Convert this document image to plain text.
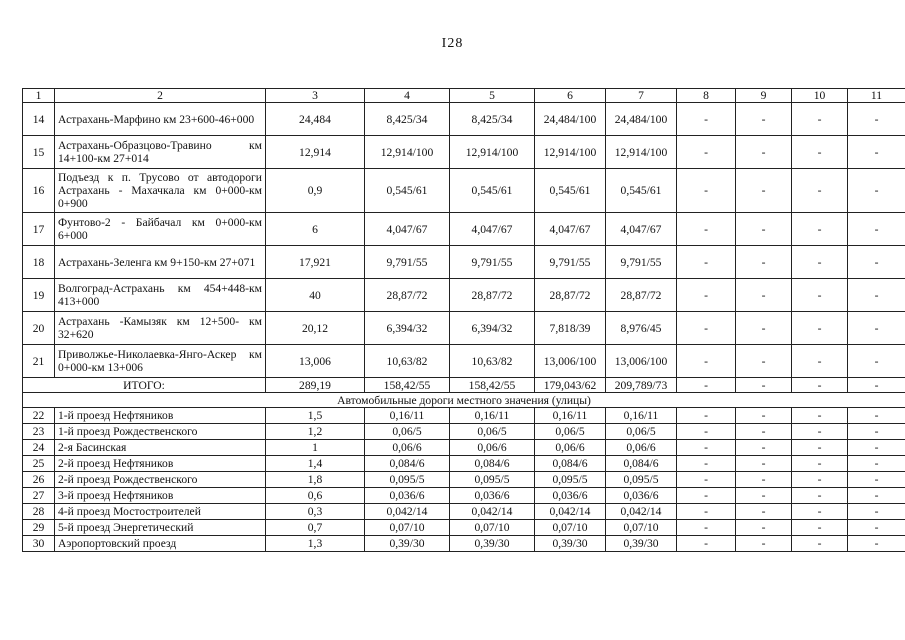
I28
1	2	3	4	5	6	7	8	9	10	11
14	Астрахань-Марфино км 23+600-46+000	24,484	8,425/34	8,425/34	24,484/100	24,484/100	-	-	-	-
15	Астрахань-Образцово-Травино км 14+100-км 27+014	12,914	12,914/100	12,914/100	12,914/100	12,914/100	-	-	-	-
16	Подъезд к п. Трусово от автодороги Астрахань - Махачкала км 0+000-км 0+900	0,9	0,545/61	0,545/61	0,545/61	0,545/61	-	-	-	-
17	Фунтово-2 - Байбачал км 0+000-км 6+000	6	4,047/67	4,047/67	4,047/67	4,047/67	-	-	-	-
18	Астрахань-Зеленга км 9+150-км 27+071	17,921	9,791/55	9,791/55	9,791/55	9,791/55	-	-	-	-
19	Волгоград-Астрахань км 454+448-км 413+000	40	28,87/72	28,87/72	28,87/72	28,87/72	-	-	-	-
20	Астрахань -Камызяк км 12+500- км 32+620	20,12	6,394/32	6,394/32	7,818/39	8,976/45	-	-	-	-
21	Приволжье-Николаевка-Янго-Аскер км 0+000-км 13+006	13,006	10,63/82	10,63/82	13,006/100	13,006/100	-	-	-	-
ИТОГО:		289,19	158,42/55	158,42/55	179,043/62	209,789/73	-	-	-	-
Автомобильные дороги местного значения (улицы)										
22	1-й проезд Нефтяников	1,5	0,16/11	0,16/11	0,16/11	0,16/11	-	-	-	-
23	1-й проезд Рождественского	1,2	0,06/5	0,06/5	0,06/5	0,06/5	-	-	-	-
24	2-я Басинская	1	0,06/6	0,06/6	0,06/6	0,06/6	-	-	-	-
25	2-й проезд Нефтяников	1,4	0,084/6	0,084/6	0,084/6	0,084/6	-	-	-	-
26	2-й проезд Рождественского	1,8	0,095/5	0,095/5	0,095/5	0,095/5	-	-	-	-
27	3-й проезд Нефтяников	0,6	0,036/6	0,036/6	0,036/6	0,036/6	-	-	-	-
28	4-й проезд Мостостроителей	0,3	0,042/14	0,042/14	0,042/14	0,042/14	-	-	-	-
29	5-й проезд Энергетический	0,7	0,07/10	0,07/10	0,07/10	0,07/10	-	-	-	-
30	Аэропортовский проезд	1,3	0,39/30	0,39/30	0,39/30	0,39/30	-	-	-	-
